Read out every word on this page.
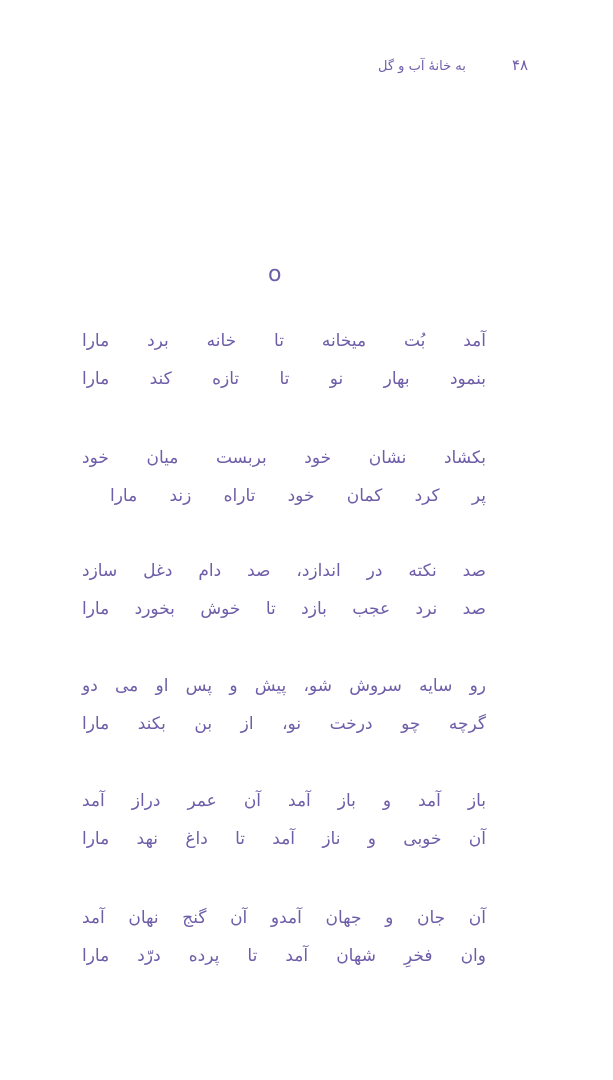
۴۸
به خانهٔ آب و گل
o
آمد بُت میخانه تا خانه برد مارا
بنمود بهار نو تا تازه کند مارا
بکشاد نشان خود بربست میان خود
پر کرد کمان خود تاراه زند مارا
صد نکته در اندازد، صد دام دغل سازد
صد نرد عجب بازد تا خوش بخورد مارا
رو سایه سروش شو، پیش و پس او می دو
گرچه چو درخت نو، از بن بکند مارا
باز آمد و باز آمد آن عمر دراز آمد
آن خوبی و ناز آمد تا داغ نهد مارا
آن جان و جهان آمدو آن گنج نهان آمد
وان فخرِ شهان آمد تا پرده درّد مارا
